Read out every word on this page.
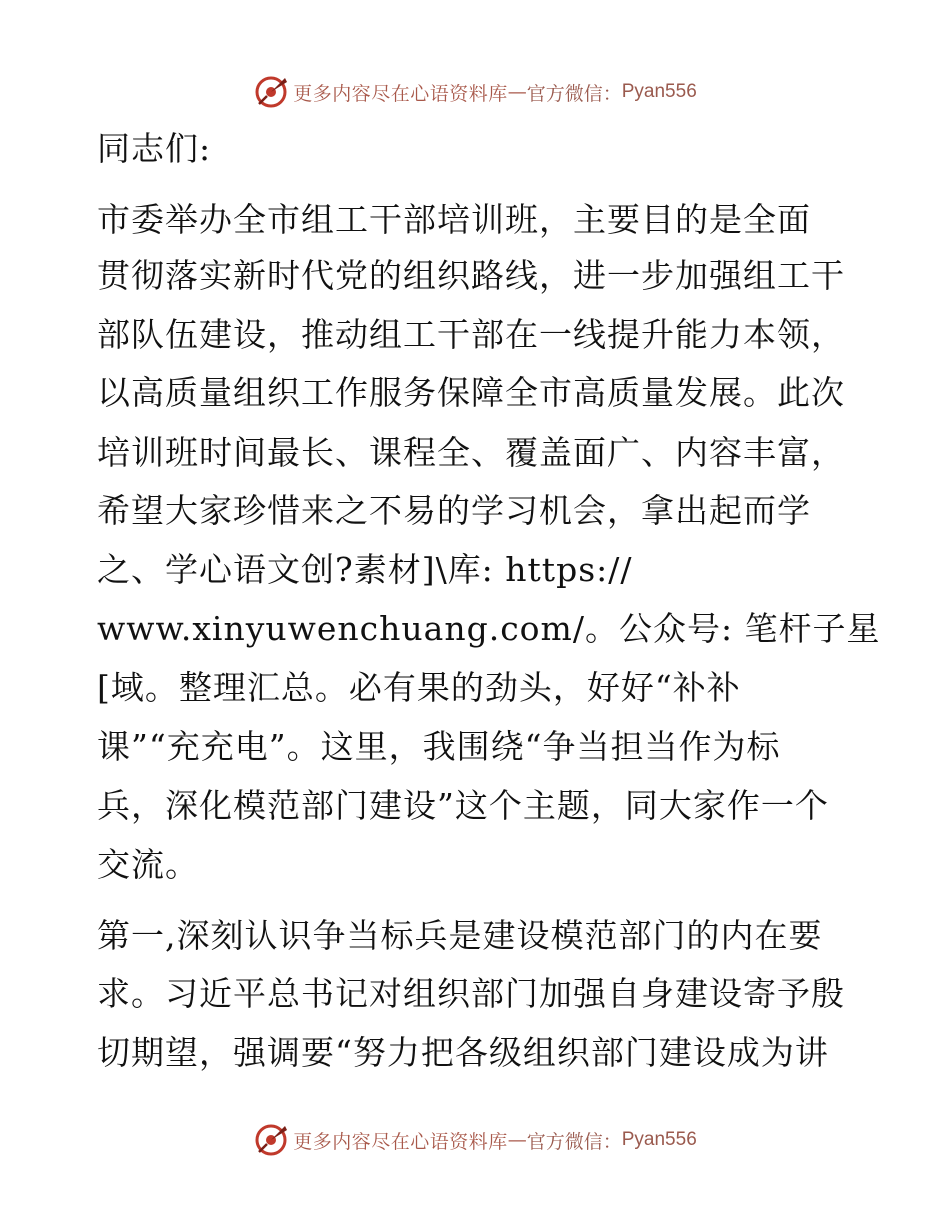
更多内容尽在心语资料库 — 官方微信： Pyan556
同志们:
市委举办全市组工干部培训班，主要目的是全面
贯彻落实新时代党的组织路线，进一步加强组工干
部队伍建设，推动组工干部在一线提升能力本领，
以高质量组织工作服务保障全市高质量发展。此次
培训班时间最长、课程全、覆盖面广、内容丰富，
希望大家珍惜来之不易的学习机会，拿出起而学
之、学心语文创?素材]\库: https://
www.xinyuwenchuang.com/。公众号: 笔杆子星
[域。整理汇总。必有果的劲头，好好“补补
课”“充充电”。这里，我围绕“争当担当作为标
兵，深化模范部门建设”这个主题，同大家作一个
交流。
第一,深刻认识争当标兵是建设模范部门的内在要
求。习近平总书记对组织部门加强自身建设寄予殷
切期望，强调要“努力把各级组织部门建设成为讲
更多内容尽在心语资料库 — 官方微信： Pyan556
